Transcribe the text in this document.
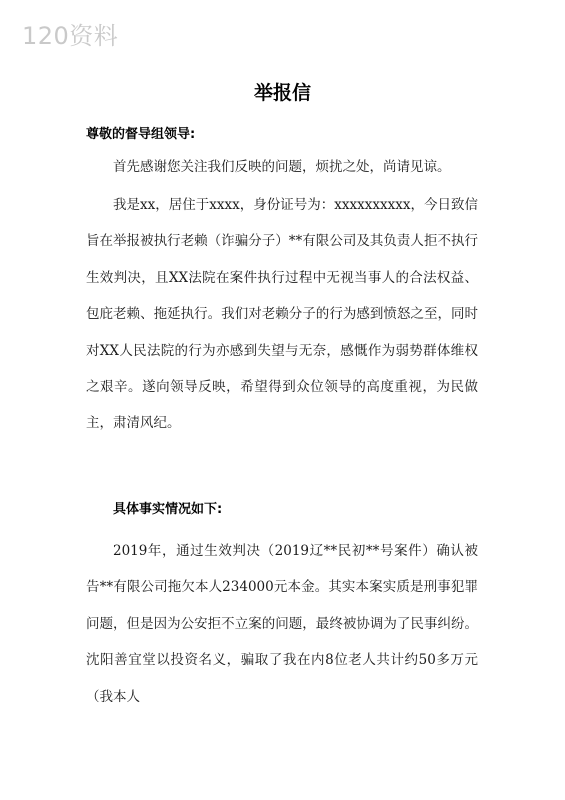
120资料
举报信
尊敬的督导组领导:

首先感谢您关注我们反映的问题，烦扰之处，尚请见谅。

我是xx，居住于xxxx，身份证号为：xxxxxxxxxx，今日致信旨在举报被执行老赖（诈骗分子）**有限公司及其负责人拒不执行生效判决，且XX法院在案件执行过程中无视当事人的合法权益、包庇老赖、拖延执行。我们对老赖分子的行为感到愤怒之至，同时对XX人民法院的行为亦感到失望与无奈，感慨作为弱势群体维权之艰辛。遂向领导反映，希望得到众位领导的高度重视，为民做主，肃清风纪。

具体事实情况如下:

2019年，通过生效判决（2019辽**民初**号案件）确认被告**有限公司拖欠本人234000元本金。其实本案实质是刑事犯罪问题，但是因为公安拒不立案的问题，最终被协调为了民事纠纷。沈阳善宜堂以投资名义，骗取了我在内8位老人共计约50多万元（我本人
